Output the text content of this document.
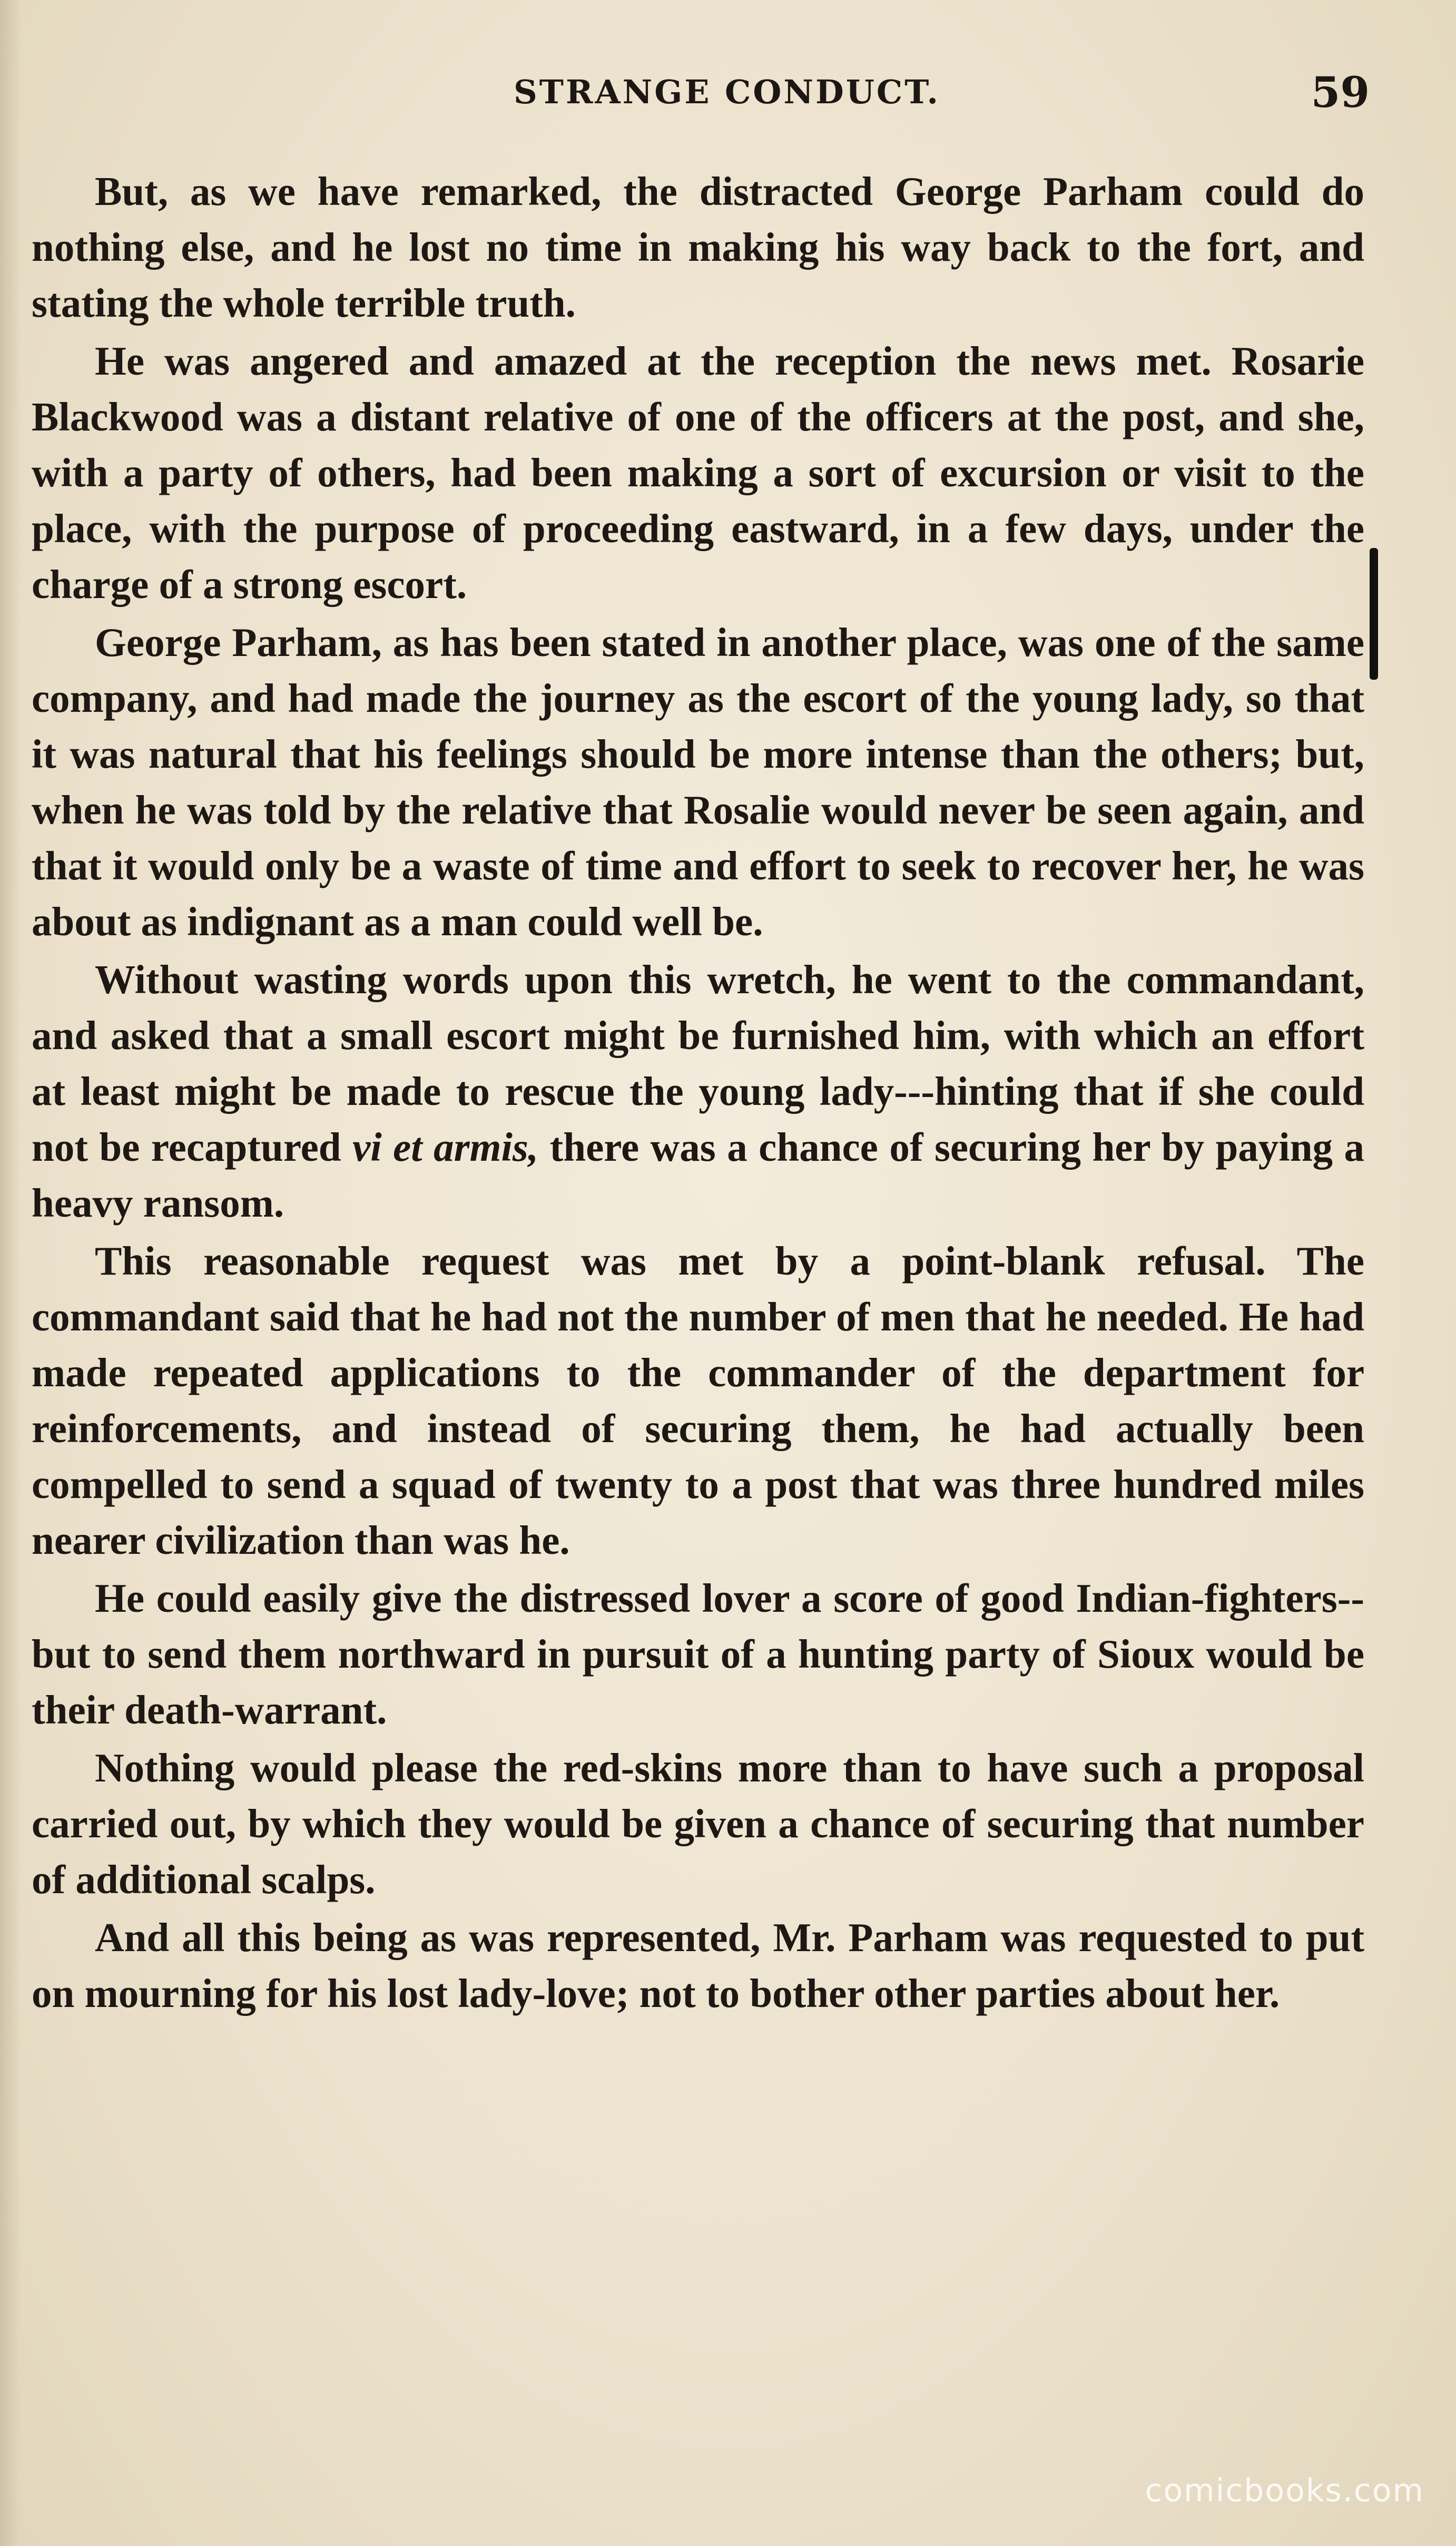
STRANGE CONDUCT.	59

But, as we have remarked, the distracted George Parham could do nothing else, and he lost no time in making his way back to the fort, and stating the whole terrible truth.

He was angered and amazed at the reception the news met. Rosarie Blackwood was a distant relative of one of the officers at the post, and she, with a party of others, had been making a sort of excursion or visit to the place, with the purpose of proceeding eastward, in a few days, under the charge of a strong escort.

George Parham, as has been stated in another place, was one of the same company, and had made the journey as the escort of the young lady, so that it was natural that his feelings should be more intense than the others; but, when he was told by the relative that Rosalie would never be seen again, and that it would only be a waste of time and effort to seek to recover her, he was about as indignant as a man could well be.

Without wasting words upon this wretch, he went to the commandant, and asked that a small escort might be furnished him, with which an effort at least might be made to rescue the young lady---hinting that if she could not be recaptured vi et armis, there was a chance of securing her by paying a heavy ransom.

This reasonable request was met by a point-blank refusal. The commandant said that he had not the number of men that he needed. He had made repeated applications to the commander of the department for reinforcements, and instead of securing them, he had actually been compelled to send a squad of twenty to a post that was three hundred miles nearer civilization than was he.

He could easily give the distressed lover a score of good Indian-fighters--but to send them northward in pursuit of a hunting party of Sioux would be their death-warrant.

Nothing would please the red-skins more than to have such a proposal carried out, by which they would be given a chance of securing that number of additional scalps.

And all this being as was represented, Mr. Parham was requested to put on mourning for his lost lady-love; not to bother other parties about her.

comicbooks.com
